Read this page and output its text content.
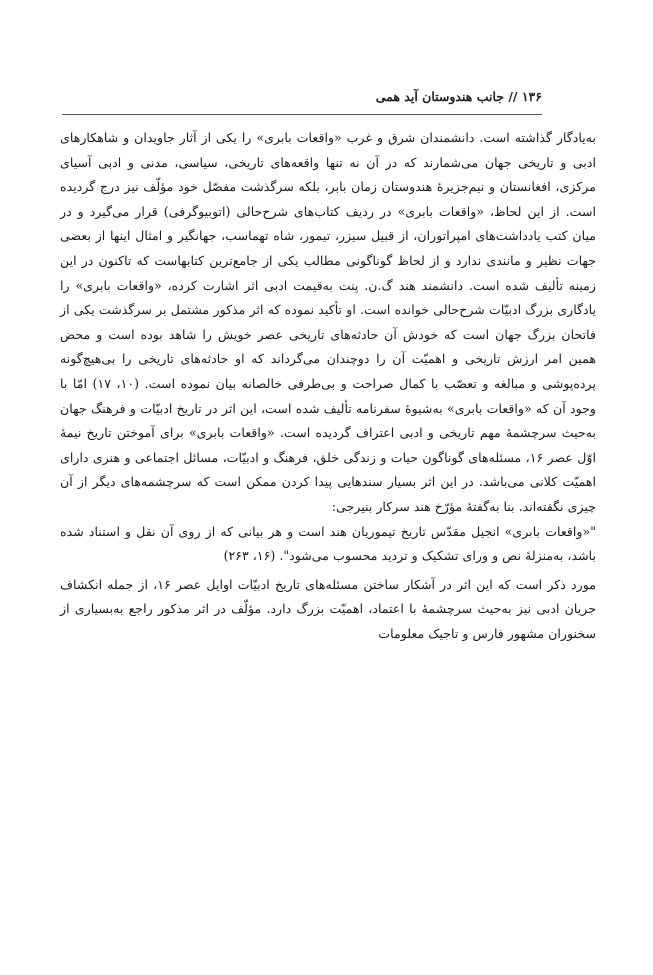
۱۳۶ // جانب هندوستان آید همی

به‌یادگار گذاشته است. دانشمندان شرق و غرب «واقعات بابری» را یکی از آثار جاویدان و شاهکارهای ادبی و تاریخی جهان می‌شمارند که در آن نه تنها واقعه‌های تاریخی، سیاسی، مدنی و ادبی آسیای مرکزی، افغانستان و نیم‌جزیرهٔ هندوستان زمان بابر، بلکه سرگذشت مفصّل خود مؤلّف نیز درج گردیده است. از این لحاظ، «واقعات بابری» در ردیف کتاب‌های شرح‌حالی (اتوبیوگرفی) قرار می‌گیرد و در میان کتب یادداشت‌های امپراتوران، از قبیل سیزر، تیمور، شاه تهماسب، جهانگیر و امثال اینها از بعضی جهات نظیر و مانندی ندارد و از لحاظ گوناگونی مطالب یکی از جامع‌ترین کتابهاست که تاکنون در این زمینه تألیف شده است. دانشمند هند گ.ن. پنت به‌قیمت ادبی اثر اشارت کرده، «واقعات بابری» را یادگاری بزرگ ادبیّات شرح‌حالی خوانده است. او تأکید نموده که اثر مذکور مشتمل بر سرگذشت یکی از فاتحان بزرگ جهان است که خودش آن حادثه‌های تاریخی عصر خویش را شاهد بوده است و محض همین امر ارزش تاریخی و اهمیّت آن را دوچندان می‌گرداند که او حادثه‌های تاریخی را بی‌هیچ‌گونه پرده‌پوشی و مبالغه و تعصّب با کمال صراحت و بی‌طرفی خالصانه بیان نموده است. (۱۰، ۱۷) امّا با وجود آن که «واقعات بابری» به‌شیوهٔ سفرنامه تألیف شده است، این اثر در تاریخ ادبیّات و فرهنگ جهان به‌حیث سرچشمهٔ مهم تاریخی و ادبی اعتراف گردیده است. «واقعات بابری» برای آموختن تاریخ نیمهٔ اوّل عصر ۱۶، مسئله‌های گوناگون حیات و زندگی خلق، فرهنگ و ادبیّات، مسائل اجتماعی و هنری دارای اهمیّت کلانی می‌باشد. در این اثر بسیار سندهایی پیدا کردن ممکن است که سرچشمه‌های دیگر از آن چیزی نگفته‌اند. بنا به‌گفتهٔ مؤرّخ هند سرکار بنیرجی:

"«واقعات بابری» انجیل مقدّس تاریخ تیموریان هند است و هر بیانی که از روی آن نقل و استناد شده باشد، به‌منزلهٔ نص و ورای تشکیک و تردید محسوب می‌شود". (۱۶، ۲۶۳)

مورد ذکر است که این اثر در آشکار ساختن مسئله‌های تاریخ ادبیّات اوایل عصر ۱۶، از جمله انکشاف جریان ادبی نیز به‌حیث سرچشمهٔ با اعتماد، اهمیّت بزرگ دارد. مؤلّف در اثر مذکور راجع به‌بسیاری از سخنوران مشهور فارس و تاجیک معلومات
